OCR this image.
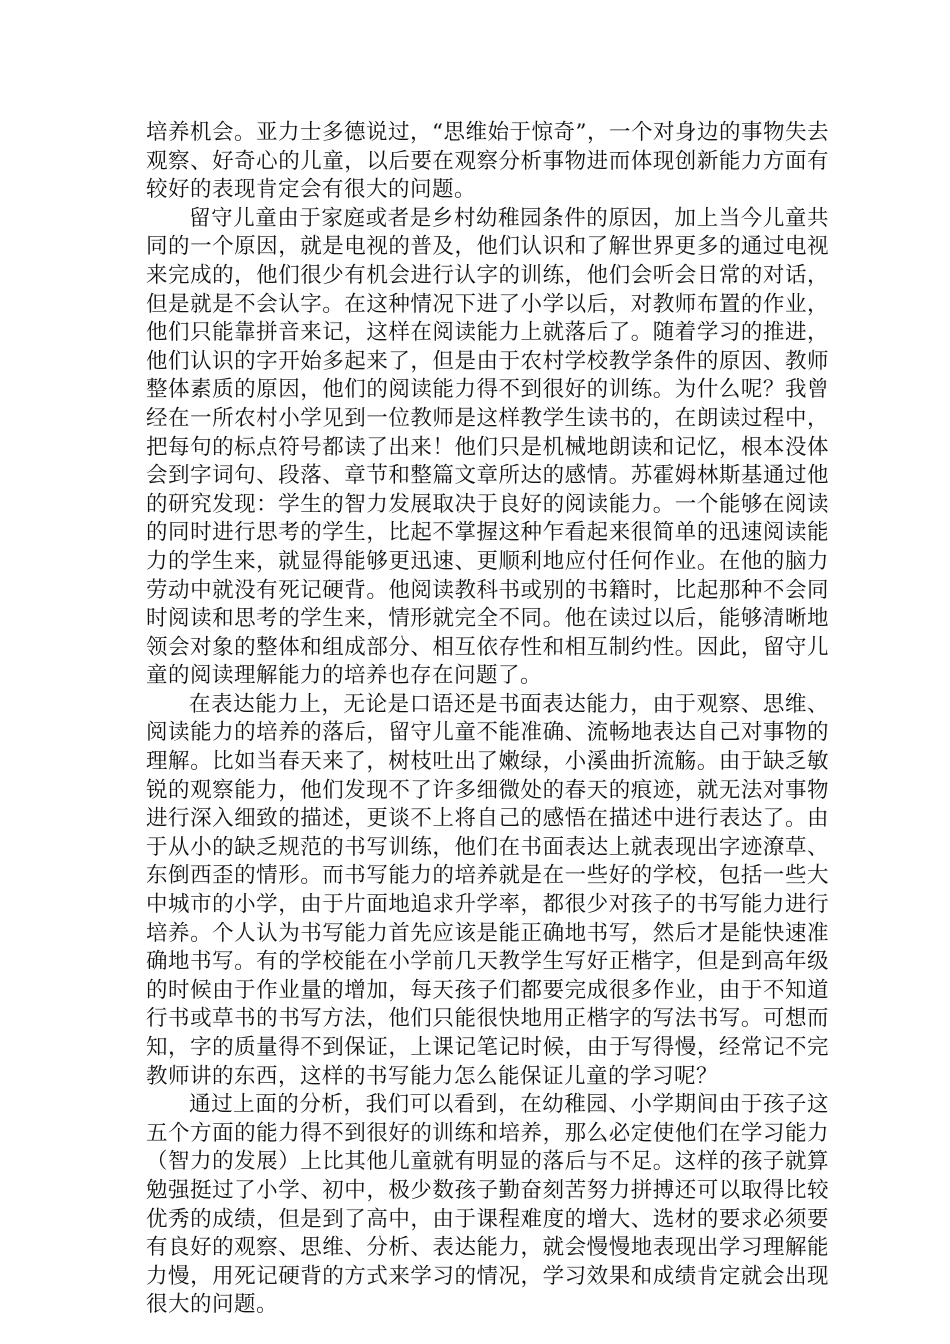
培养机会。亚力士多德说过，“思维始于惊奇”，一个对身边的事物失去观察、好奇心的儿童，以后要在观察分析事物进而体现创新能力方面有较好的表现肯定会有很大的问题。

留守儿童由于家庭或者是乡村幼稚园条件的原因，加上当今儿童共同的一个原因，就是电视的普及，他们认识和了解世界更多的通过电视来完成的，他们很少有机会进行认字的训练，他们会听会日常的对话，但是就是不会认字。在这种情况下进了小学以后，对教师布置的作业，他们只能靠拼音来记，这样在阅读能力上就落后了。随着学习的推进，他们认识的字开始多起来了，但是由于农村学校教学条件的原因、教师整体素质的原因，他们的阅读能力得不到很好的训练。为什么呢？我曾经在一所农村小学见到一位教师是这样教学生读书的，在朗读过程中，把每句的标点符号都读了出来！他们只是机械地朗读和记忆，根本没体会到字词句、段落、章节和整篇文章所达的感情。苏霍姆林斯基通过他的研究发现：学生的智力发展取决于良好的阅读能力。一个能够在阅读的同时进行思考的学生，比起不掌握这种乍看起来很简单的迅速阅读能力的学生来，就显得能够更迅速、更顺利地应付任何作业。在他的脑力劳动中就没有死记硬背。他阅读教科书或别的书籍时，比起那种不会同时阅读和思考的学生来，情形就完全不同。他在读过以后，能够清晰地领会对象的整体和组成部分、相互依存性和相互制约性。因此，留守儿童的阅读理解能力的培养也存在问题了。

在表达能力上，无论是口语还是书面表达能力，由于观察、思维、阅读能力的培养的落后，留守儿童不能准确、流畅地表达自己对事物的理解。比如当春天来了，树枝吐出了嫩绿，小溪曲折流觞。由于缺乏敏锐的观察能力，他们发现不了许多细微处的春天的痕迹，就无法对事物进行深入细致的描述，更谈不上将自己的感悟在描述中进行表达了。由于从小的缺乏规范的书写训练，他们在书面表达上就表现出字迹潦草、东倒西歪的情形。而书写能力的培养就是在一些好的学校，包括一些大中城市的小学，由于片面地追求升学率，都很少对孩子的书写能力进行培养。个人认为书写能力首先应该是能正确地书写，然后才是能快速准确地书写。有的学校能在小学前几天教学生写好正楷字，但是到高年级的时候由于作业量的增加，每天孩子们都要完成很多作业，由于不知道行书或草书的书写方法，他们只能很快地用正楷字的写法书写。可想而知，字的质量得不到保证，上课记笔记时候，由于写得慢，经常记不完教师讲的东西，这样的书写能力怎么能保证儿童的学习呢？

通过上面的分析，我们可以看到，在幼稚园、小学期间由于孩子这五个方面的能力得不到很好的训练和培养，那么必定使他们在学习能力（智力的发展）上比其他儿童就有明显的落后与不足。这样的孩子就算勉强挺过了小学、初中，极少数孩子勤奋刻苦努力拼搏还可以取得比较优秀的成绩，但是到了高中，由于课程难度的增大、选材的要求必须要有良好的观察、思维、分析、表达能力，就会慢慢地表现出学习理解能力慢，用死记硬背的方式来学习的情况，学习效果和成绩肯定就会出现很大的问题。
